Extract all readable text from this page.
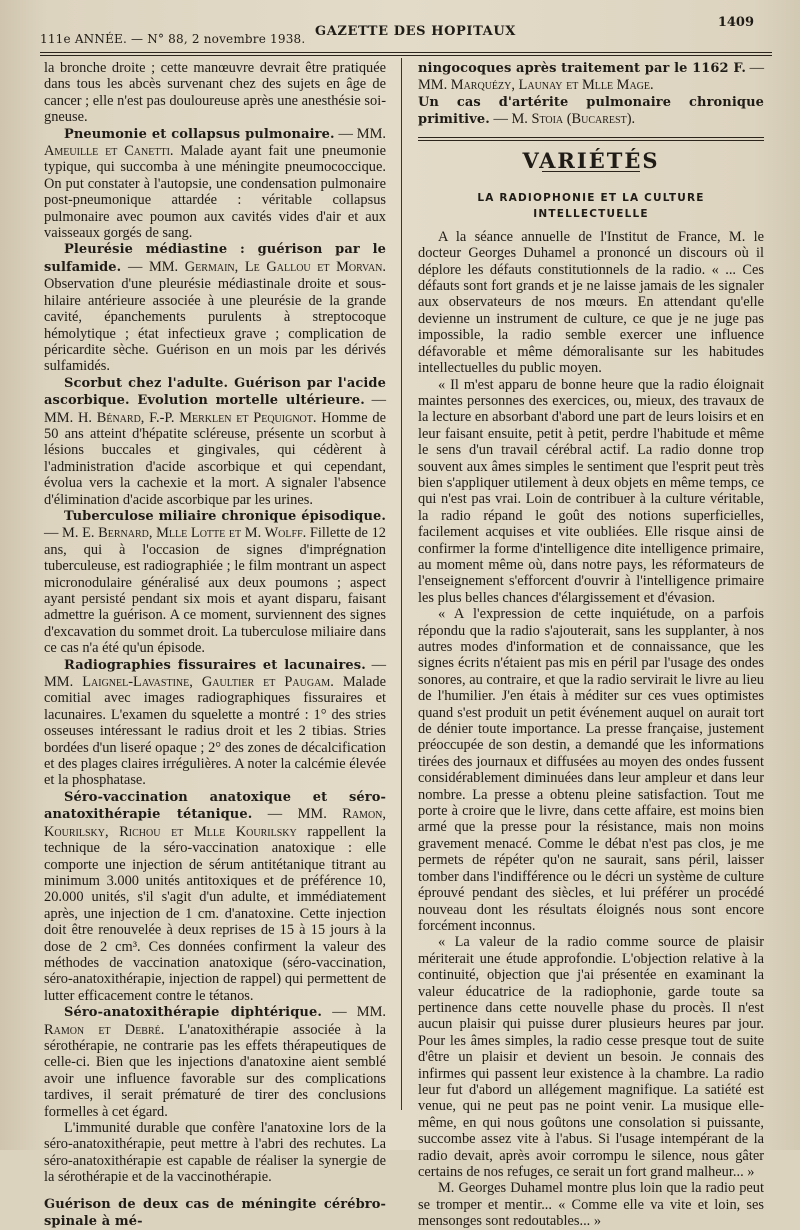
111e ANNÉE. — N° 88, 2 novembre 1938. GAZETTE DES HOPITAUX
1409

la bronche droite ; cette manœuvre devrait être pratiquée dans tous les abcès survenant chez des sujets en âge de cancer ; elle n'est pas douloureuse après une anesthésie soi-gneuse.

Pneumonie et collapsus pulmonaire. — MM. Ameuille et Canetti. Malade ayant fait une pneumonie typique, qui succomba à une méningite pneumococcique. On put constater à l'autopsie, une condensation pulmonaire post-pneumonique attardée : véritable collapsus pulmonaire avec poumon aux cavités vides d'air et aux vaisseaux gorgés de sang.

Pleurésie médiastine : guérison par le sulfamide. — MM. Germain, Le Gallou et Morvan. Observation d'une pleurésie médiastinale droite et sous-hilaire antérieure associée à une pleurésie de la grande cavité, épanchements purulents à streptocoque hémolytique ; état infectieux grave ; complication de péricardite sèche. Guérison en un mois par les dérivés sulfamidés.

Scorbut chez l'adulte. Guérison par l'acide ascorbique. Evolution mortelle ultérieure. — MM. H. Bénard, F.-P. Merklen et Pequignot. Homme de 50 ans atteint d'hépatite scléreuse, présente un scorbut à lésions buccales et gingivales, qui cédèrent à l'administration d'acide ascorbique et qui cependant, évolua vers la cachexie et la mort. A signaler l'absence d'élimination d'acide ascorbique par les urines.

Tuberculose miliaire chronique épisodique. — M. E. Bernard, Mlle Lotte et M. Wolff. Fillette de 12 ans, qui à l'occasion de signes d'imprégnation tuberculeuse, est radiographiée ; le film montrant un aspect micronodulaire généralisé aux deux poumons ; aspect ayant persisté pendant six mois et ayant disparu, faisant admettre la guérison. A ce moment, surviennent des signes d'excavation du sommet droit. La tuberculose miliaire dans ce cas n'a été qu'un épisode.

Radiographies fissuraires et lacunaires. — MM. Laignel-Lavastine, Gaultier et Paugam. Malade comitial avec images radiographiques fissuraires et lacunaires. L'examen du squelette a montré : 1° des stries osseuses intéressant le radius droit et les 2 tibias. Stries bordées d'un liseré opaque ; 2° des zones de décalcification et des plages claires irrégulières. A noter la calcémie élevée et la phosphatase.

Séro-vaccination anatoxique et séro-anatoxithérapie tétanique. — MM. Ramon, Kourilsky, Richou et Mlle Kourilsky rappellent la technique de la séro-vaccination anatoxique : elle comporte une injection de sérum antitétanique titrant au minimum 3.000 unités antitoxiques et de préférence 10, 20.000 unités, s'il s'agit d'un adulte, et immédiatement après, une injection de 1 cm. d'anatoxine. Cette injection doit être renouvelée à deux reprises de 15 à 15 jours à la dose de 2 cm³. Ces données confirment la valeur des méthodes de vaccination anatoxique (séro-vaccination, séro-anatoxithérapie, injection de rappel) qui permettent de lutter efficacement contre le tétanos.

Séro-anatoxithérapie diphtérique. — MM. Ramon et Debré. L'anatoxithérapie associée à la sérothérapie, ne contrarie pas les effets thérapeutiques de celle-ci. Bien que les injections d'anatoxine aient semblé avoir une influence favorable sur des complications tardives, il serait prématuré de tirer des conclusions formelles à cet égard.

L'immunité durable que confère l'anatoxine lors de la séro-anatoxithérapie, peut mettre à l'abri des rechutes. La séro-anatoxithérapie est capable de réaliser la synergie de la sérothérapie et de la vaccinothérapie.

Guérison de deux cas de méningite cérébro-spinale à mé-

ningocoques après traitement par le 1162 F. — MM. Marquézy, Launay et Mlle Mage.

Un cas d'artérite pulmonaire chronique primitive. — M. Stoia (Bucarest).

VARIÉTÉS
LA RADIOPHONIE ET LA CULTURE INTELLECTUELLE

A la séance annuelle de l'Institut de France, M. le docteur Georges Duhamel a prononcé un discours où il déplore les défauts constitutionnels de la radio. « ... Ces défauts sont fort grands et je ne laisse jamais de les signaler aux observateurs de nos mœurs. En attendant qu'elle devienne un instrument de culture, ce que je ne juge pas impossible, la radio semble exercer une influence défavorable et même démoralisante sur les habitudes intellectuelles du public moyen.

« Il m'est apparu de bonne heure que la radio éloignait maintes personnes des exercices, ou, mieux, des travaux de la lecture en absorbant d'abord une part de leurs loisirs et en leur faisant ensuite, petit à petit, perdre l'habitude et même le sens d'un travail cérébral actif. La radio donne trop souvent aux âmes simples le sentiment que l'esprit peut très bien s'appliquer utilement à deux objets en même temps, ce qui n'est pas vrai. Loin de contribuer à la culture véritable, la radio répand le goût des notions superficielles, facilement acquises et vite oubliées. Elle risque ainsi de confirmer la forme d'intelligence dite intelligence primaire, au moment même où, dans notre pays, les réformateurs de l'enseignement s'efforcent d'ouvrir à l'intelligence primaire les plus belles chances d'élargissement et d'évasion.

« A l'expression de cette inquiétude, on a parfois répondu que la radio s'ajouterait, sans les supplanter, à nos autres modes d'information et de connaissance, que les signes écrits n'étaient pas mis en péril par l'usage des ondes sonores, au contraire, et que la radio servirait le livre au lieu de l'humilier. J'en étais à méditer sur ces vues optimistes quand s'est produit un petit événement auquel on aurait tort de dénier toute importance. La presse française, justement préoccupée de son destin, a demandé que les informations tirées des journaux et diffusées au moyen des ondes fussent considérablement diminuées dans leur ampleur et dans leur nombre. La presse a obtenu pleine satisfaction. Tout me porte à croire que le livre, dans cette affaire, est moins bien armé que la presse pour la résistance, mais non moins gravement menacé. Comme le débat n'est pas clos, je me permets de répéter qu'on ne saurait, sans péril, laisser tomber dans l'indifférence ou le décri un système de culture éprouvé pendant des siècles, et lui préférer un procédé nouveau dont les résultats éloignés nous sont encore forcément inconnus.

« La valeur de la radio comme source de plaisir mériterait une étude approfondie. L'objection relative à la continuité, objection que j'ai présentée en examinant la valeur éducatrice de la radiophonie, garde toute sa pertinence dans cette nouvelle phase du procès. Il n'est aucun plaisir qui puisse durer plusieurs heures par jour. Pour les âmes simples, la radio cesse presque tout de suite d'être un plaisir et devient un besoin. Je connais des infirmes qui passent leur existence à la chambre. La radio leur fut d'abord un allégement magnifique. La satiété est venue, qui ne peut pas ne point venir. La musique elle-même, en qui nous goûtons une consolation si puissante, succombe assez vite à l'abus. Si l'usage intempérant de la radio devait, après avoir corrompu le silence, nous gâter certains de nos refuges, ce serait un fort grand malheur... »

M. Georges Duhamel montre plus loin que la radio peut se tromper et mentir... « Comme elle va vite et loin, ses mensonges sont redoutables... »
